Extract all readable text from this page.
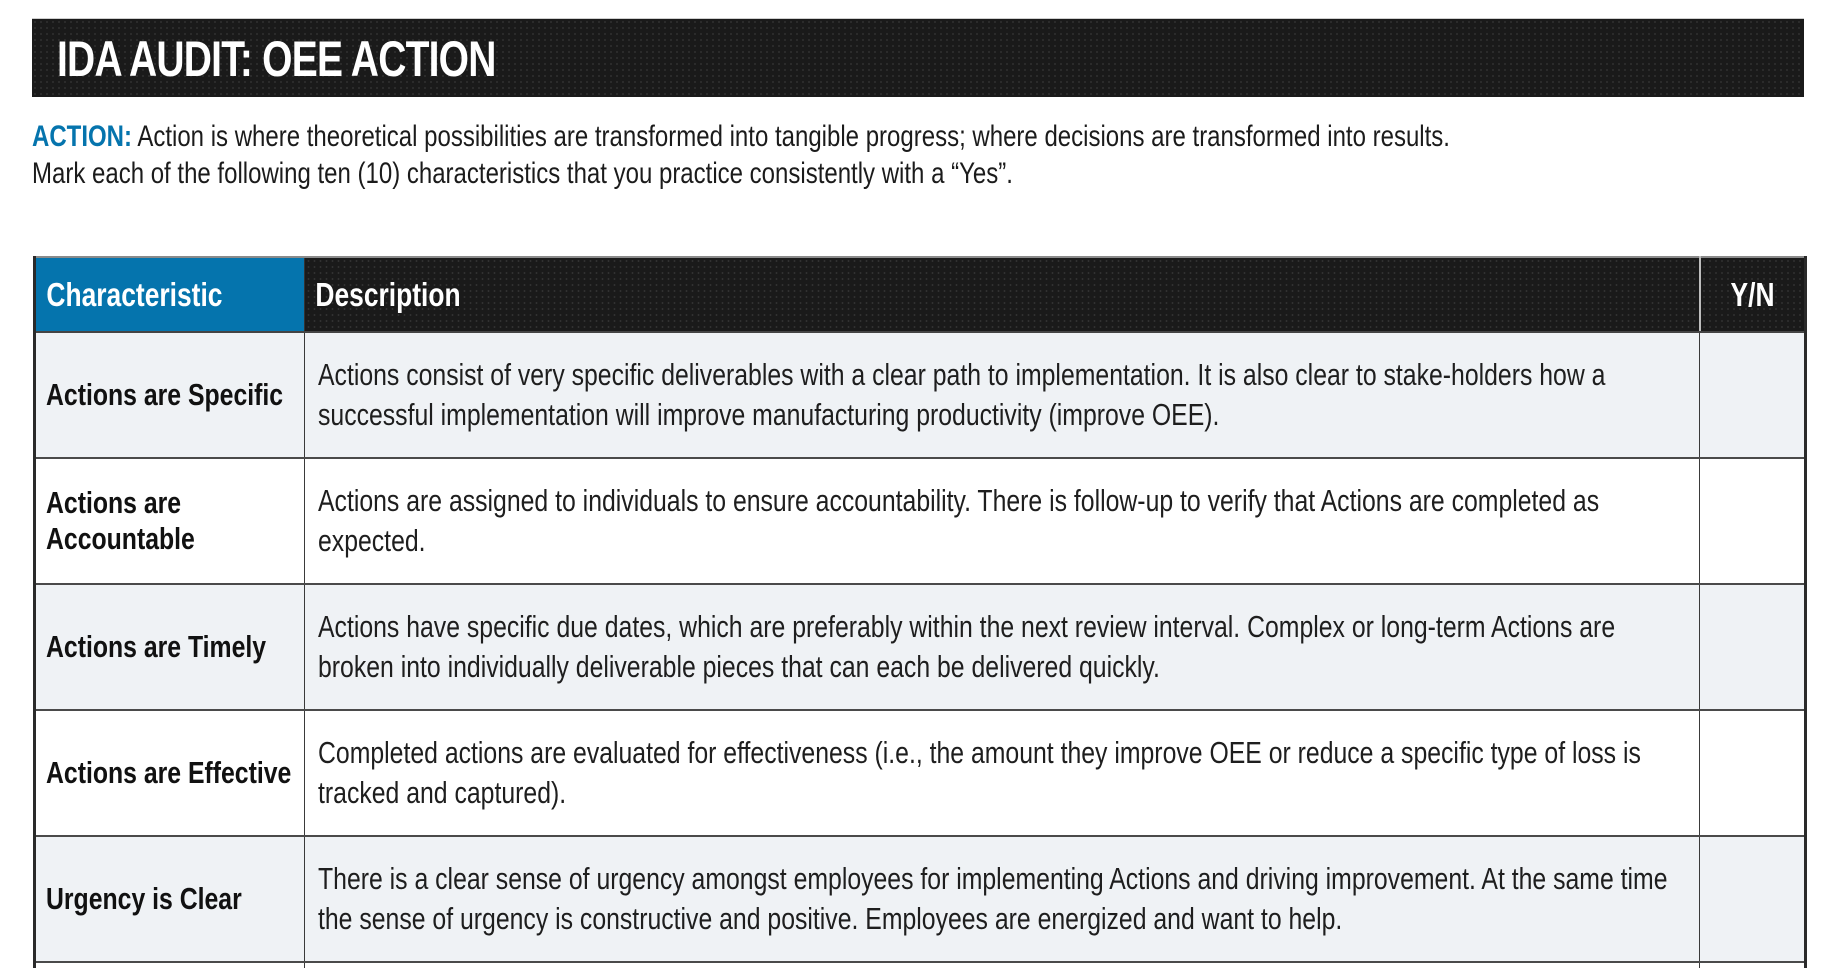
IDA AUDIT: OEE ACTION
ACTION: Action is where theoretical possibilities are transformed into tangible progress; where decisions are transformed into results.
Mark each of the following ten (10) characteristics that you practice consistently with a “Yes”.
Characteristic	Description	Y/N

Actions are Specific	Actions consist of very specific deliverables with a clear path to implementation. It is also clear to stake-holders how a successful implementation will improve manufacturing productivity (improve OEE).	

Actions are Accountable	Actions are assigned to individuals to ensure accountability. There is follow-up to verify that Actions are completed as expected.	

Actions are Timely	Actions have specific due dates, which are preferably within the next review interval. Complex or long-term Actions are broken into individually deliverable pieces that can each be delivered quickly.	

Actions are Effective	Completed actions are evaluated for effectiveness (i.e., the amount they improve OEE or reduce a specific type of loss is tracked and captured).	

Urgency is Clear	There is a clear sense of urgency amongst employees for implementing Actions and driving improvement. At the same time the sense of urgency is constructive and positive. Employees are energized and want to help.	
